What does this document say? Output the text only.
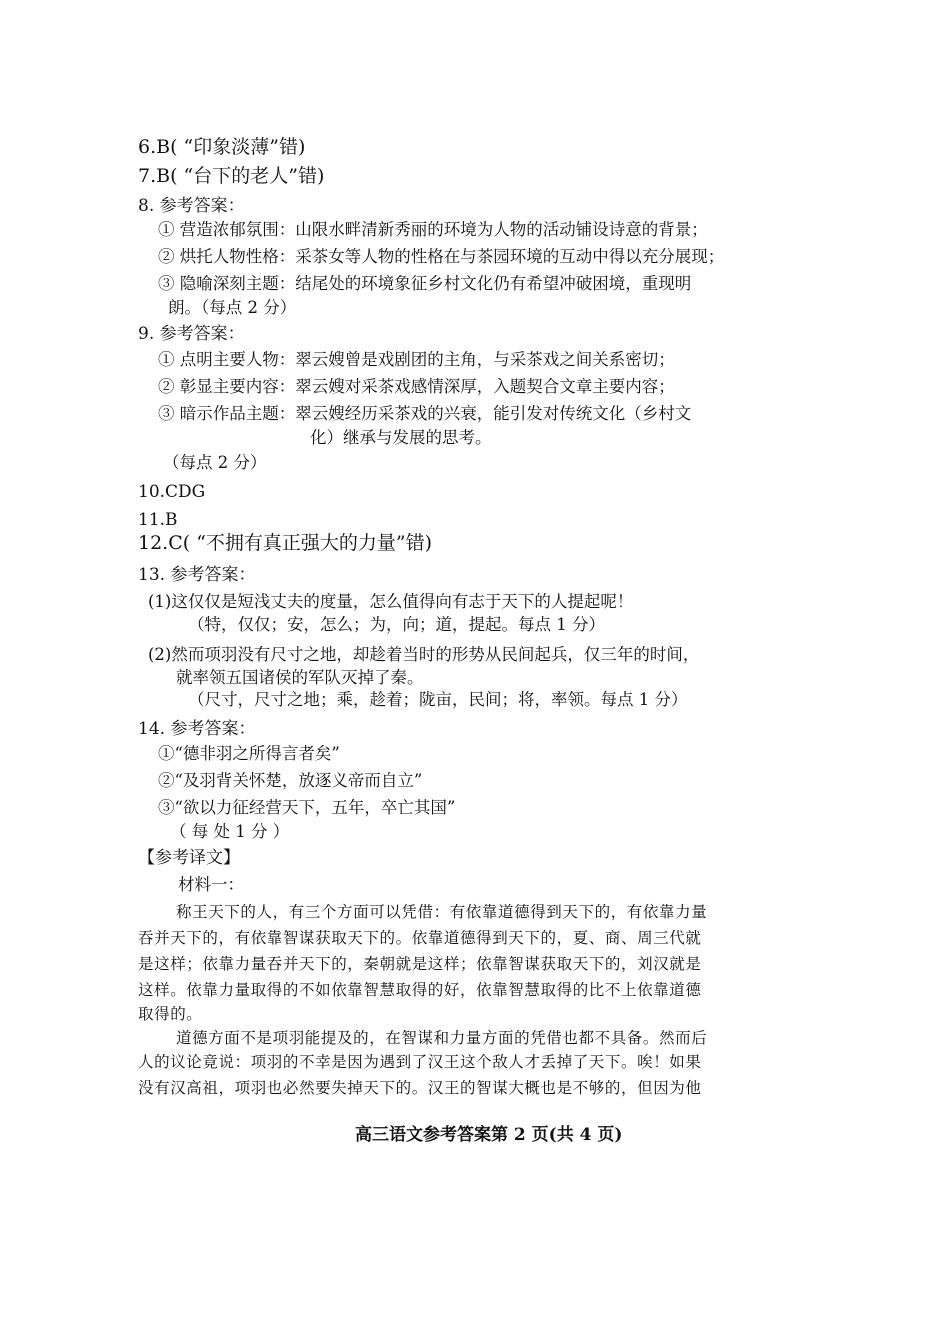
6.B( “印象淡薄”错)
7.B( “台下的老人”错)
8. 参考答案：
① 营造浓郁氛围：山限水畔清新秀丽的环境为人物的活动铺设诗意的背景；
② 烘托人物性格：采茶女等人物的性格在与茶园环境的互动中得以充分展现；
③ 隐喻深刻主题：结尾处的环境象征乡村文化仍有希望冲破困境，重现明
朗。（每点 2 分）
9. 参考答案：
① 点明主要人物：翠云嫂曾是戏剧团的主角，与采茶戏之间关系密切；
② 彰显主要内容：翠云嫂对采茶戏感情深厚，入题契合文章主要内容；
③ 暗示作品主题：翠云嫂经历采茶戏的兴衰，能引发对传统文化（乡村文
化）继承与发展的思考。
（每点 2 分）
10.CDG
11.B
12.C( “不拥有真正强大的力量”错)
13. 参考答案：
(1)这仅仅是短浅丈夫的度量，怎么值得向有志于天下的人提起呢！
（特，仅仅；安，怎么；为，向；道，提起。每点 1 分）
(2)然而项羽没有尺寸之地，却趁着当时的形势从民间起兵，仅三年的时间，
就率领五国诸侯的军队灭掉了秦。
（尺寸，尺寸之地；乘，趁着；陇亩，民间；将，率领。每点 1 分）
14. 参考答案：
①“德非羽之所得言者矣”
②“及羽背关怀楚，放逐义帝而自立”
③“欲以力征经营天下，五年，卒亡其国”
（ 每 处 1 分 ）
【参考译文】
材料一：
称王天下的人，有三个方面可以凭借：有依靠道德得到天下的，有依靠力量
吞并天下的，有依靠智谋获取天下的。依靠道德得到天下的，夏、商、周三代就
是这样；依靠力量吞并天下的，秦朝就是这样；依靠智谋获取天下的，刘汉就是
这样。依靠力量取得的不如依靠智慧取得的好，依靠智慧取得的比不上依靠道德
取得的。
道德方面不是项羽能提及的，在智谋和力量方面的凭借也都不具备。然而后
人的议论竟说：项羽的不幸是因为遇到了汉王这个敌人才丢掉了天下。唉！如果
没有汉高祖，项羽也必然要失掉天下的。汉王的智谋大概也是不够的，但因为他
高三语文参考答案第 2 页(共 4 页)
